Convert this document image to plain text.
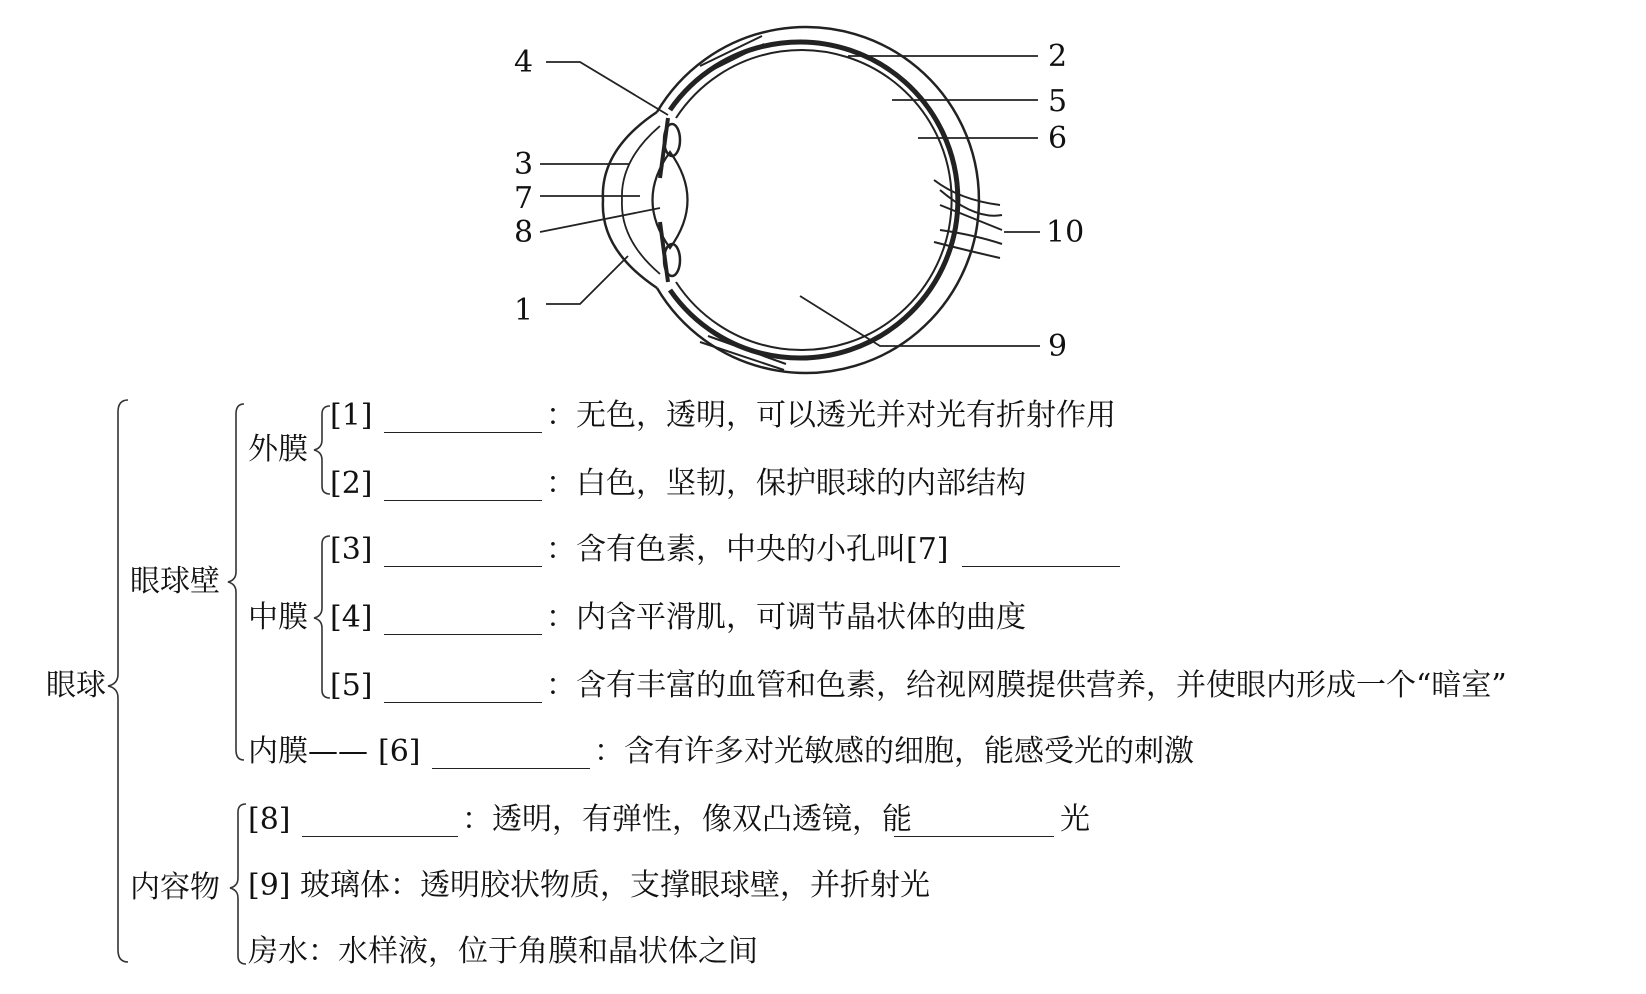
4	2
5
6
3
7
8	10
1
9
眼球
眼球壁
内容物
外膜
中膜
[1]	：无色，透明，可以透光并对光有折射作用
[2]	：白色，坚韧，保护眼球的内部结构
[3]	：含有色素，中央的小孔叫 [7]
[4]	：内含平滑肌，可调节晶状体的曲度
[5]	：含有丰富的血管和色素，给视网膜提供营养，并使眼内形成一个“暗室”
内膜—— [6]	：含有许多对光敏感的细胞，能感受光的刺激
[8]	：透明，有弹性，像双凸透镜，能	光
[9] 玻璃体：透明胶状物质，支撑眼球壁，并折射光
房水：水样液，位于角膜和晶状体之间
